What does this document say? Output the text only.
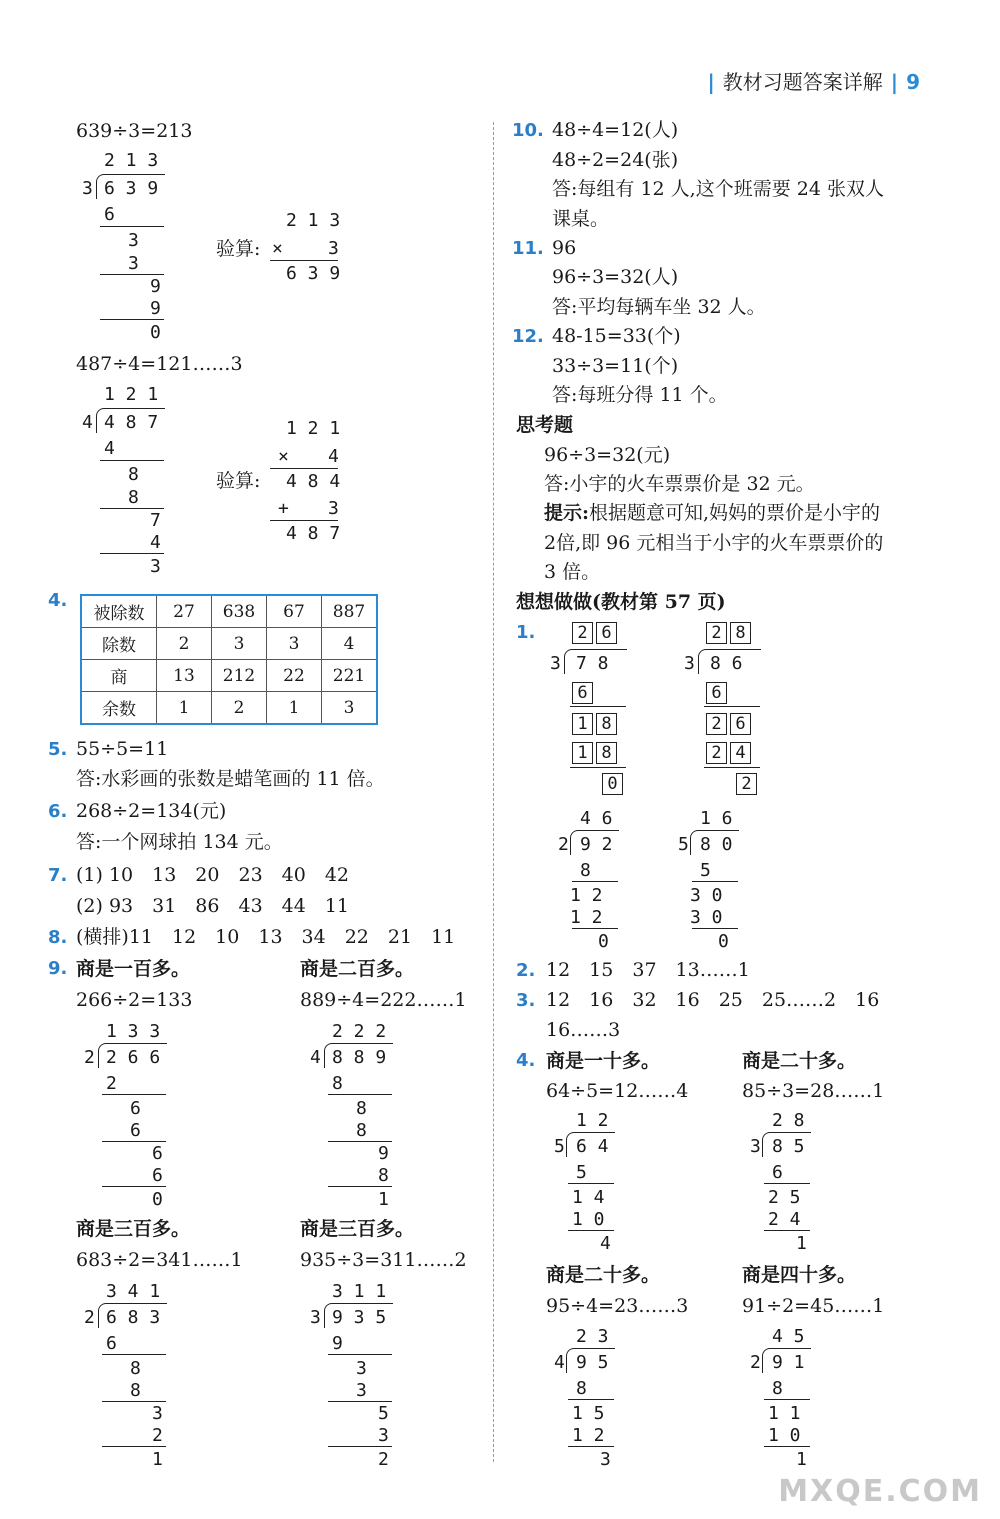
| 教材习题答案详解 | 9
639÷3=213
2 1 3
3 6 3 9
6
3
3
9
9
0
验算:
2 1 3
×	3
6 3 9
487÷4=121……3
1 2 1
4 4 8 7
4
8
8
7
4
3
验算:
1 2 1
× 4
4 8 4
+ 3
4 8 7
4.
被除数	27	638	67	887
除数	2	3	3	4
商	13	212	22	221
余数	1	2	1	3
5. 55÷5=11
答:水彩画的张数是蜡笔画的 11 倍。
6. 268÷2=134(元)
答:一个网球拍 134 元。
7. (1) 10　13　20　23　40　42
(2) 93　31　86　43　44　11
8. (横排)11　12　10　13　34　22　21　11
9. 商是一百多。	商是二百多。
266÷2=133	889÷4=222……1
1 3 3
2 2 6 6
2
6
6
6
6
0
2 2 2
4 8 8 9
8
8
8
9
8
1
商是三百多。	商是三百多。
683÷2=341……1	935÷3=311……2
3 4 1
2 6 8 3
6
8
8
3
2
1
3 1 1
3 9 3 5
9
3
3
5
3
2
10. 48÷4=12(人)
48÷2=24(张)
答:每组有 12 人,这个班需要 24 张双人
课桌。
11. 96
96÷3=32(人)
答:平均每辆车坐 32 人。
12. 48-15=33(个)
33÷3=11(个)
答:每班分得 11 个。
思考题
96÷3=32(元)
答:小宇的火车票票价是 32 元。
提示:根据题意可知,妈妈的票价是小宇的
2倍,即 96 元相当于小宇的火车票票价的
3 倍。
想想做做(教材第 57 页)
1.	2 6
3 7 8
6
1 8
1 8
0
2 8
3 8 6
6
2 6
2 4
2
4 6
2 9 2
8
1 2
1 2
0
1 6
5 8 0
5
3 0
3 0
0
2. 12　15　37　13……1
3. 12　16　32　16　25　25……2　16
16……3
4. 商是一十多。	商是二十多。
64÷5=12……4	85÷3=28……1
1 2
5 6 4
5
1 4
1 0
4
2 8
3 8 5
6
2 5
2 4
1
商是二十多。	商是四十多。
95÷4=23……3	91÷2=45……1
2 3
4 9 5
8
1 5
1 2
3
4 5
2 9 1
8
1 1
1 0
1
MXQE.COM
